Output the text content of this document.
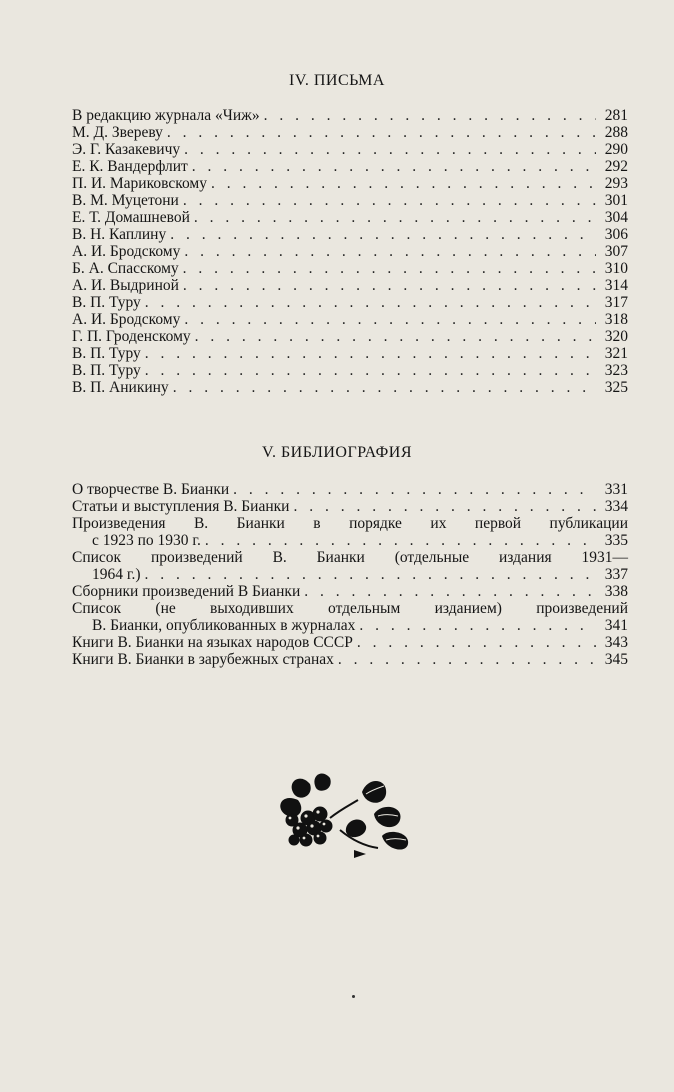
IV. ПИСЬМА
В редакцию журнала «Чиж» . . .	281
М. Д. Звереву . . .	288
Э. Г. Казакевичу . . .	290
Е. К. Вандерфлит . . .	292
П. И. Мариковскому . . .	293
В. М. Муцетони . . .	301
Е. Т. Домашневой . . .	304
В. Н. Каплину . . .	306
А. И. Бродскому . . .	307
Б. А. Спасскому . . .	310
А. И. Выдриной . . .	314
В. П. Туру . . .	317
А. И. Бродскому . . .	318
Г. П. Гроденскому . . .	320
В. П. Туру . . .	321
В. П. Туру . . .	323
В. П. Аникину . . .	325
V. БИБЛИОГРАФИЯ
О творчестве В. Бианки . . .	331
Статьи и выступления В. Бианки . . .	334
Произведения В. Бианки в порядке их первой публикации
с 1923 по 1930 г. . . .	335
Список произведений В. Бианки (отдельные издания 1931—
1964 г.) . . .	337
Сборники произведений В Бианки . . .	338
Список (не выходивших отдельным изданием) произведений
В. Бианки, опубликованных в журналах . . .	341
Книги В. Бианки на языках народов СССР . . .	343
Книги В. Бианки в зарубежных странах . . .	345
